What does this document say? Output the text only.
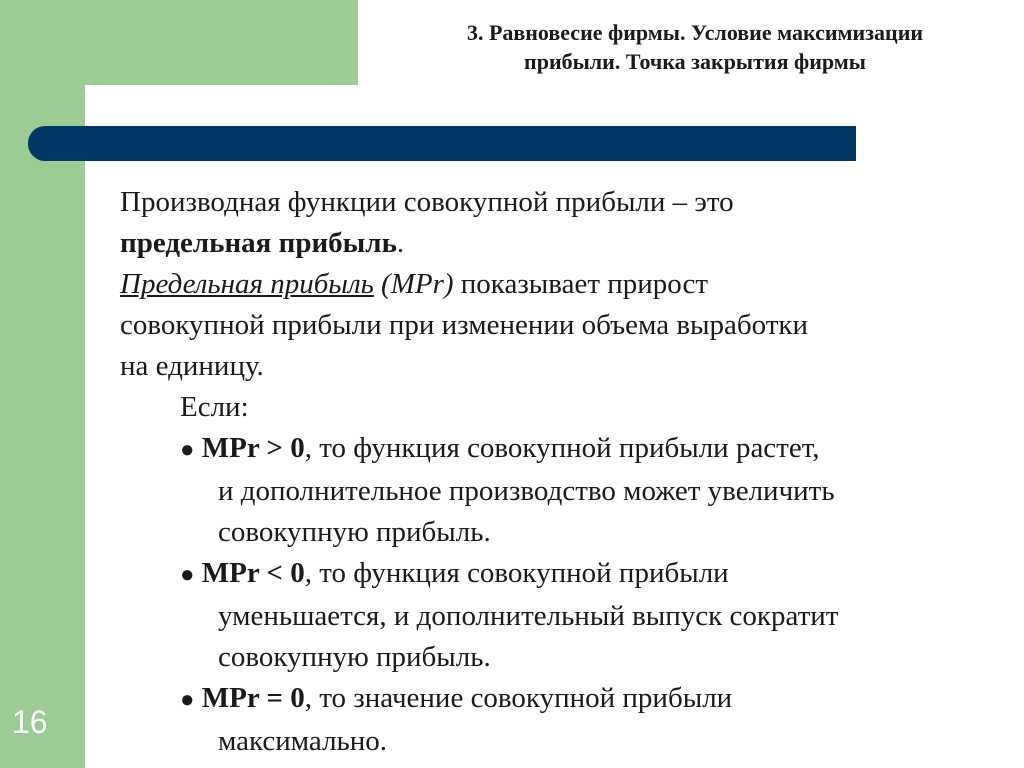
3. Равновесие фирмы. Условие максимизации
прибыли. Точка закрытия фирмы
16

Производная функции совокупной прибыли – это
предельная прибыль.

Предельная прибыль (MPr) показывает прирост
совокупной прибыли при изменении объема выработки
на единицу.

Если:

● MPr > 0, то функция совокупной прибыли растет,

и дополнительное производство может увеличить

совокупную прибыль.

● MPr < 0, то функция совокупной прибыли

уменьшается, и дополнительный выпуск сократит

совокупную прибыль.

● MPr = 0, то значение совокупной прибыли

максимально.
